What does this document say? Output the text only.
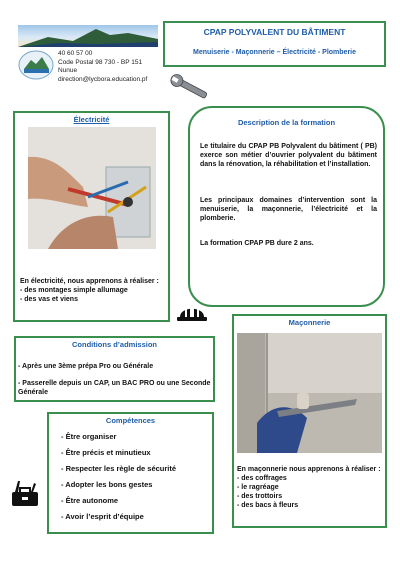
40 60 57 00
Code Postal 98 730 - BP 151
Nunue
direction@lycbora.education.pf
CPAP POLYVALENT DU BÂTIMENT
Menuiserie - Maçonnerie – Électricité - Plomberie
Électricité
En électricité, nous apprenons à réaliser :
- des montages simple allumage
- des vas et viens
Description de la formation
Le titulaire du CPAP PB Polyvalent du bâtiment ( PB) exerce son métier d’ouvrier polyvalent du bâtiment dans la rénovation, la réhabilitation et l’installation.
Les principaux domaines d’intervention sont la menuiserie, la maçonnerie, l’électricité et la plomberie.
La formation CPAP PB dure 2 ans.
Conditions d’admission
- Après une 3ème prépa Pro ou Générale
- Passerelle depuis un CAP, un BAC PRO ou une Seconde Générale
Maçonnerie
En maçonnerie nous apprenons à réaliser :
- des coffrages
- le ragréage
- des trottoirs
- des bacs à fleurs
Compétences
- Être organiser
- Être précis et minutieux
- Respecter les règle de sécurité
- Adopter les bons gestes
- Être autonome
- Avoir l’esprit d’équipe
